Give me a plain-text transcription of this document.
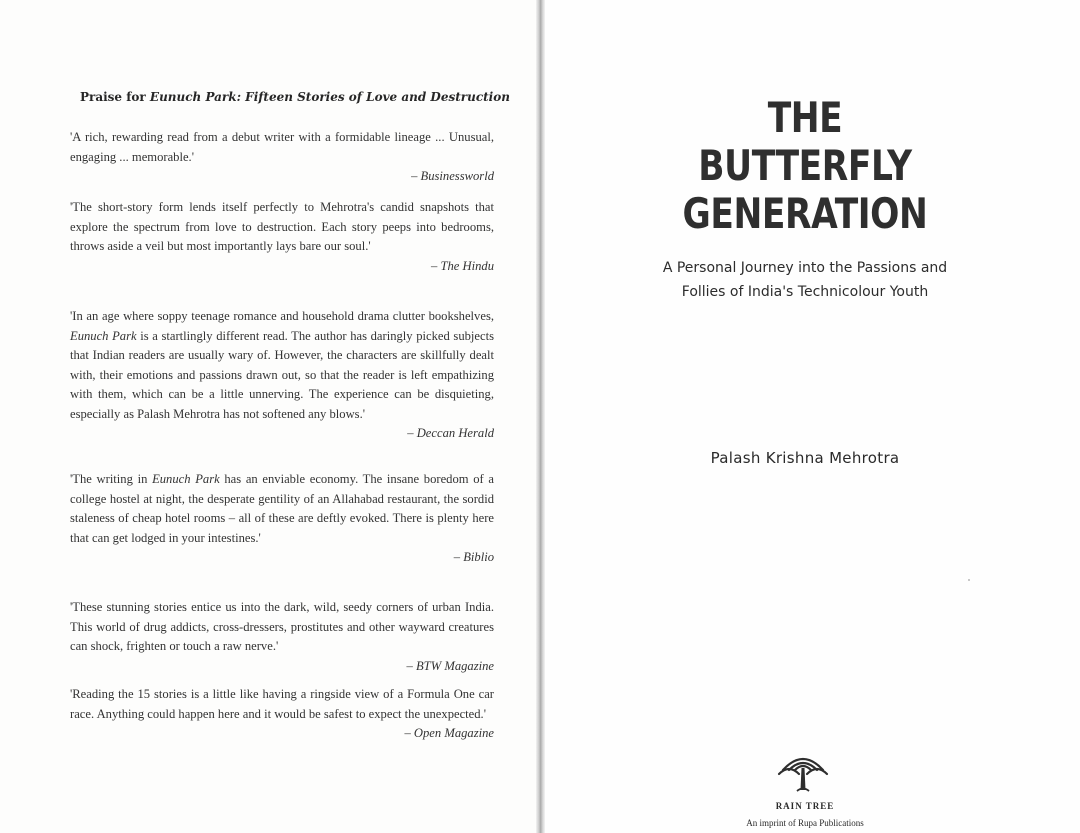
Praise for Eunuch Park: Fifteen Stories of Love and Destruction

'A rich, rewarding read from a debut writer with a formidable lineage ... Unusual, engaging ... memorable.'

– Businessworld

'The short-story form lends itself perfectly to Mehrotra's candid snapshots that explore the spectrum from love to destruction. Each story peeps into bedrooms, throws aside a veil but most importantly lays bare our soul.'

– The Hindu

'In an age where soppy teenage romance and household drama clutter bookshelves, Eunuch Park is a startlingly different read. The author has daringly picked subjects that Indian readers are usually wary of. However, the characters are skillfully dealt with, their emotions and passions drawn out, so that the reader is left empathizing with them, which can be a little unnerving. The experience can be disquieting, especially as Palash Mehrotra has not softened any blows.'

– Deccan Herald

'The writing in Eunuch Park has an enviable economy. The insane boredom of a college hostel at night, the desperate gentility of an Allahabad restaurant, the sordid staleness of cheap hotel rooms – all of these are deftly evoked. There is plenty here that can get lodged in your intestines.'

– Biblio

'These stunning stories entice us into the dark, wild, seedy corners of urban India. This world of drug addicts, cross-dressers, prostitutes and other wayward creatures can shock, frighten or touch a raw nerve.'

– BTW Magazine

'Reading the 15 stories is a little like having a ringside view of a Formula One car race. Anything could happen here and it would be safest to expect the unexpected.'

– Open Magazine

THE
BUTTERFLY
GENERATION
A Personal Journey into the Passions and
Follies of India's Technicolour Youth
Palash Krishna Mehrotra
RAIN TREE
An imprint of Rupa Publications
